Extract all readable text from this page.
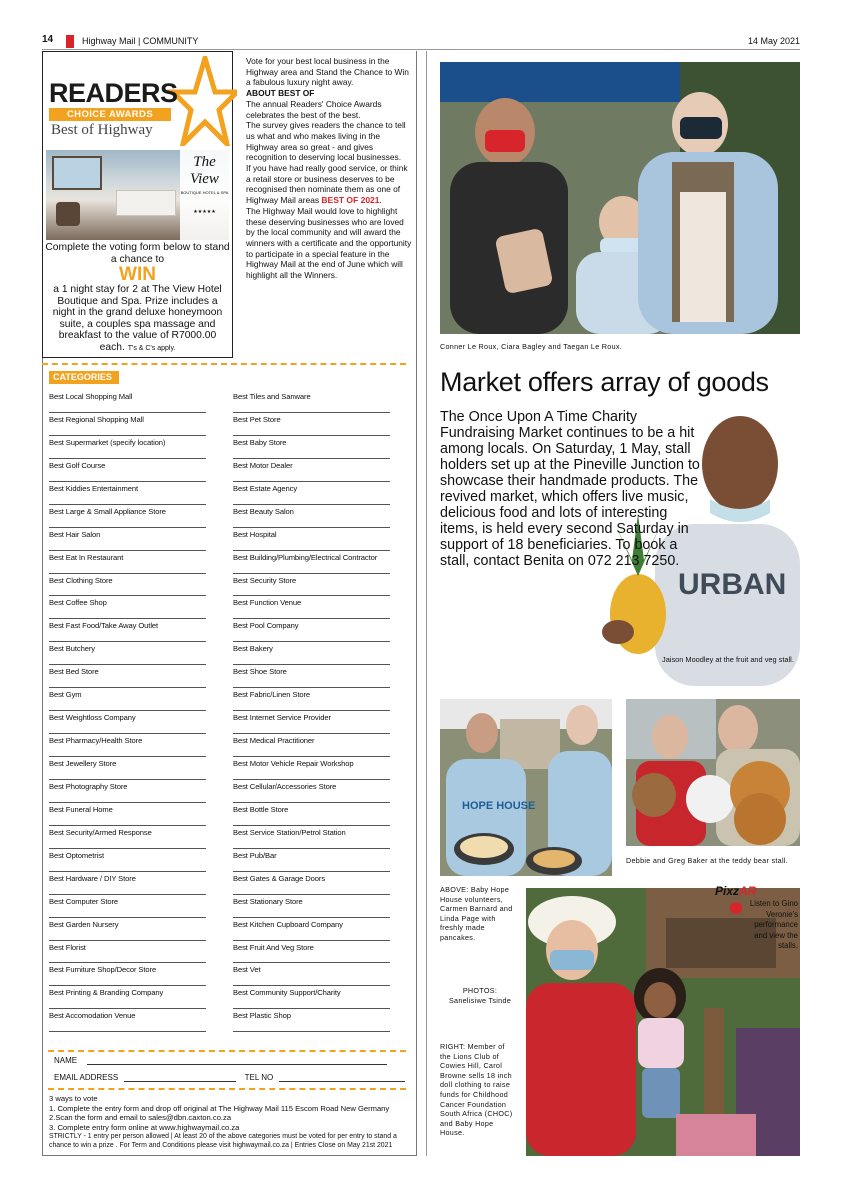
14	Highway Mail | COMMUNITY	14 May 2021
READERS
CHOICE AWARDS
Best of Highway
The View
BOUTIQUE HOTEL & SPA
★★★★★
Complete the voting form below to stand a chance to
WIN
a 1 night stay for 2 at The View Hotel Boutique and Spa. Prize includes a night in the grand deluxe honeymoon suite, a couples spa massage and breakfast to the value of R7000.00 each. T's & C's apply.
Vote for your best local business in the Highway area and Stand the Chance to Win a fabulous luxury night away.
ABOUT BEST OF
The annual Readers' Choice Awards celebrates the best of the best.
The survey gives readers the chance to tell us what and who makes living in the Highway area so great - and gives recognition to deserving local businesses.
If you have had really good service, or think a retail store or business deserves to be recognised then nominate them as one of Highway Mail areas BEST OF 2021.
The Highway Mail would love to highlight these deserving businesses who are loved by the local community and will award the winners with a certificate and the opportunity to participate in a special feature in the Highway Mail at the end of June which will highlight all the Winners.
CATEGORIES
Best Local Shopping Mall
Best Regional Shopping Mall
Best Supermarket (specify location)
Best Golf Course
Best Kiddies Entertainment
Best Large & Small Appliance Store
Best Hair Salon
Best Eat In Restaurant
Best Clothing Store
Best Coffee Shop
Best Fast Food/Take Away Outlet
Best Butchery
Best Bed Store
Best Gym
Best Weightloss Company
Best Pharmacy/Health Store
Best Jewellery Store
Best Photography Store
Best Funeral Home
Best Security/Armed Response
Best Optometrist
Best Hardware / DIY Store
Best Computer Store
Best Garden Nursery
Best Florist
Best Furniture Shop/Decor Store
Best Printing & Branding Company
Best Accomodation Venue
Best Tiles and Sanware
Best Pet Store
Best Baby Store
Best Motor Dealer
Best Estate Agency
Best Beauty Salon
Best Hospital
Best Building/Plumbing/Electrical Contractor
Best Security Store
Best Function Venue
Best Pool Company
Best Bakery
Best Shoe Store
Best Fabric/Linen Store
Best Internet Service Provider
Best Medical Practitioner
Best Motor Vehicle Repair Workshop
Best Cellular/Accessories Store
Best Bottle Store
Best Service Station/Petrol Station
Best Pub/Bar
Best Gates & Garage Doors
Best Stationary Store
Best Kitchen Cupboard Company
Best Fruit And Veg Store
Best Vet
Best Community Support/Charity
Best Plastic Shop
NAME
EMAIL ADDRESS	TEL NO
3 ways to vote
1. Complete the entry form and drop off original at The Highway Mail 115 Escom Road New Germany
2.Scan the form and email to sales@dbn.caxton.co.za
3. Complete entry form online at www.highwaymail.co.za
STRICTLY - 1 entry per person allowed | At least 20 of the above categories must be voted for per entry to stand a chance to win a prize . For Term and Conditions please visit highwaymail.co.za | Entries Close on May 21st 2021
Conner Le Roux, Ciara Bagley and Taegan Le Roux.
Market offers array of goods
URBAN
The Once Upon A Time Charity Fundraising Market continues to be a hit among locals. On Saturday, 1 May, stall holders set up at the Pineville Junction to showcase their handmade products. The revived market, which offers live music, delicious food and lots of interesting items, is held every second Saturday in support of 18 beneficiaries. To book a stall, contact Benita on 072 213 7250.
Jaison Moodley at the fruit and veg stall.
HOPE HOUSE
Debbie and Greg Baker at the teddy bear stall.
ABOVE: Baby Hope House volunteers, Carmen Barnard and Linda Page with freshly made pancakes.
PHOTOS:
Sanelisiwe Tsinde
RIGHT: Member of the Lions Club of Cowies Hill, Carol Browne sells 18 inch doll clothing to raise funds for Childhood Cancer Foundation South Africa (CHOC) and Baby Hope House.
PixzAR
Listen to Gino Veronie's performance and view the stalls.
